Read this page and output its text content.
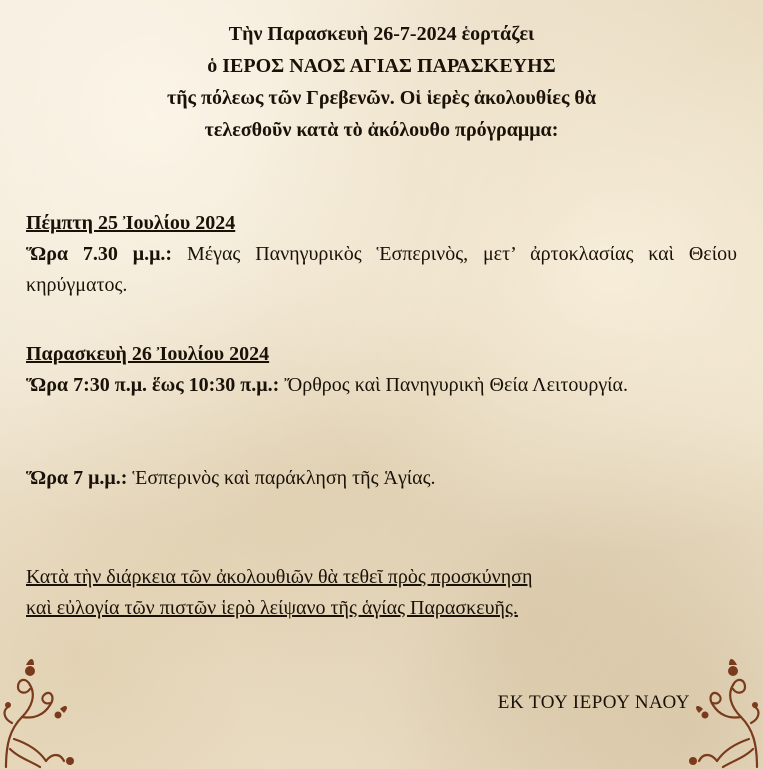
Τὴν Παρασκευὴ 26-7-2024 ἑορτάζει
ὁ ΙΕΡΟΣ ΝΑΟΣ ΑΓΙΑΣ ΠΑΡΑΣΚΕΥΗΣ
τῆς πόλεως τῶν Γρεβενῶν. Οἱ ἱερὲς ἀκολουθίες θὰ
τελεσθοῦν κατὰ τὸ ἀκόλουθο πρόγραμμα:
Πέμπτη 25 Ἰουλίου 2024
Ὥρα 7.30 μ.μ.: Μέγας Πανηγυρικὸς Ἑσπερινὸς, μετ’ ἀρτοκλασίας καὶ Θείου κηρύγματος.
Παρασκευὴ 26 Ἰουλίου 2024
Ὥρα 7:30 π.μ. ἕως 10:30 π.μ.: Ὄρθρος καὶ Πανηγυρικὴ Θεία Λειτουργία.
Ὥρα 7 μ.μ.: Ἑσπερινὸς καὶ παράκληση τῆς Ἁγίας.
Κατὰ τὴν διάρκεια τῶν ἀκολουθιῶν θὰ τεθεῖ πρὸς προσκύνηση
καὶ εὐλογία τῶν πιστῶν ἱερὸ λείψανο τῆς ἁγίας Παρασκευῆς.
ΕΚ ΤΟΥ ΙΕΡΟΥ ΝΑΟΥ
